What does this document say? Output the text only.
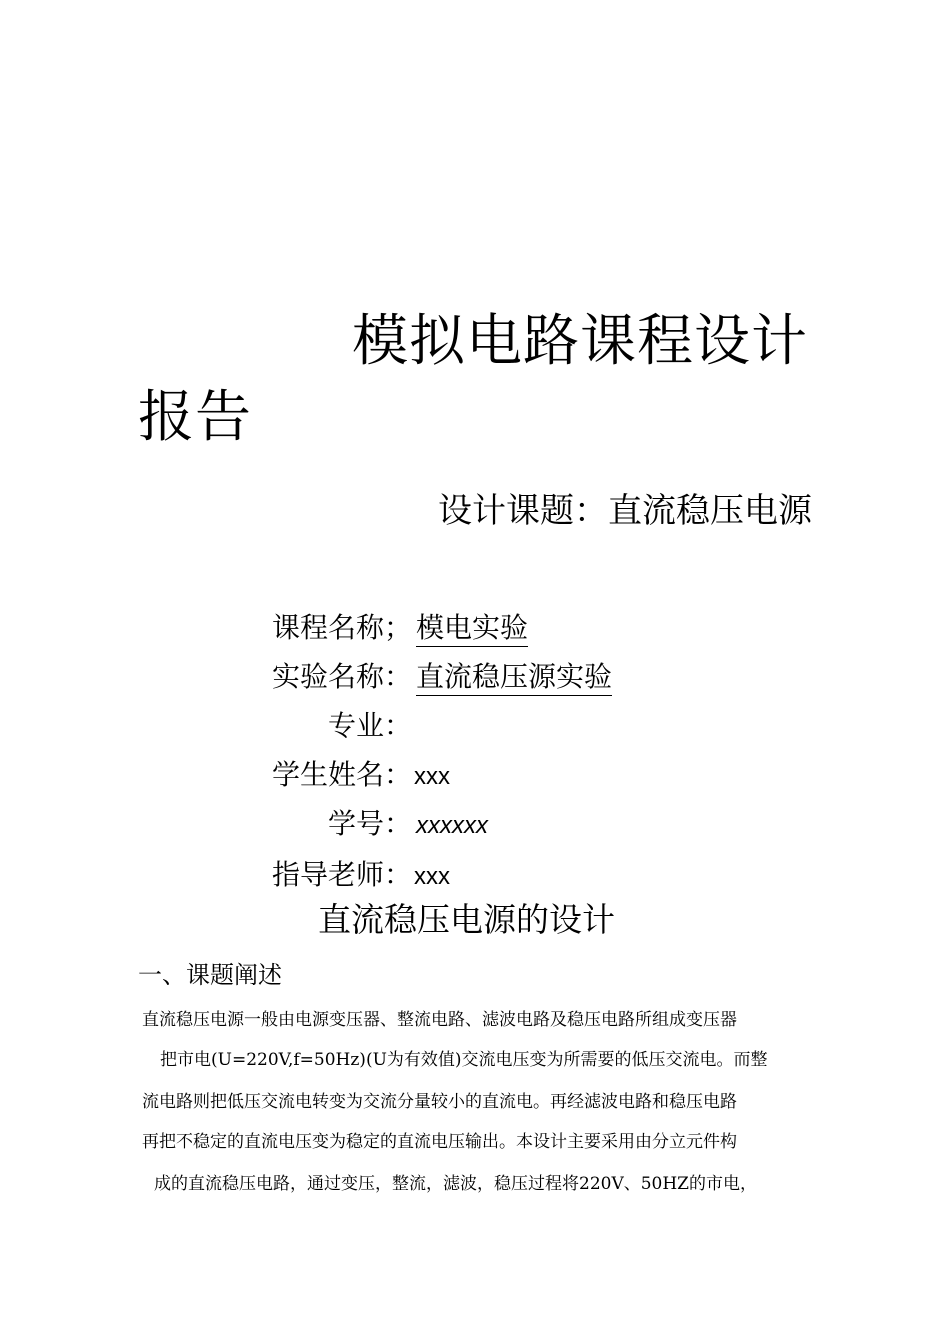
模拟电路课程设计
报告
设计课题：直流稳压电源
课程名称； 模电实验
实验名称： 直流稳压源实验
专业：
学生姓名： xxx
学号： xxxxxx
指导老师： xxx
直流稳压电源的设计
一、课题阐述
直流稳压电源一般由电源变压器、整流电路、滤波电路及稳压电路所组成变压器
把市电(U=220V,f=50Hz)(U为有效值)交流电压变为所需要的低压交流电。而整
流电路则把低压交流电转变为交流分量较小的直流电。再经滤波电路和稳压电路
再把不稳定的直流电压变为稳定的直流电压输出。本设计主要采用由分立元件构
成的直流稳压电路，通过变压，整流，滤波，稳压过程将220V、50HZ的市电，
